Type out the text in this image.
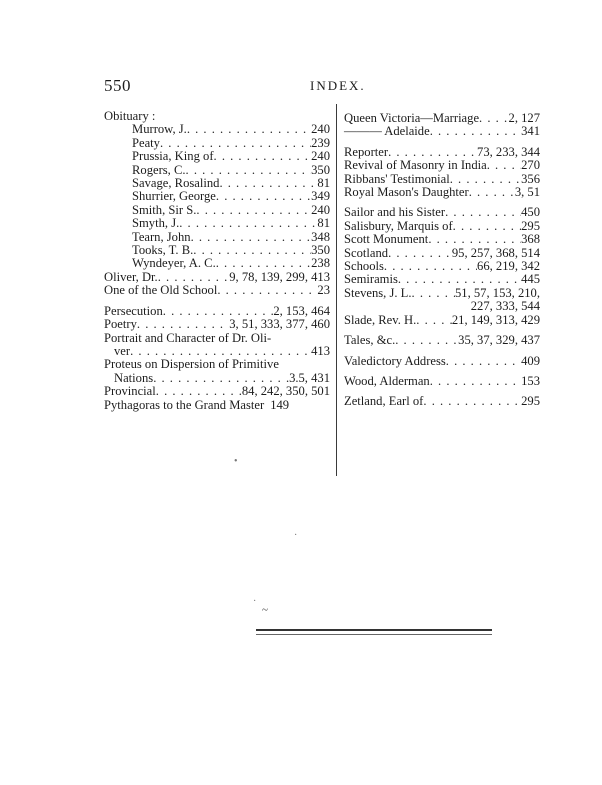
550	INDEX.
Obituary :
Murrow, J. . . .	240
Peaty . . .	239
Prussia, King of . . .	240
Rogers, C. . . .	350
Savage, Rosalind . . .	81
Shurrier, George . . .	349
Smith, Sir S. . . .	240
Smyth, J. . . .	81
Tearn, John . . .	348
Tooks, T. B. . . .	350
Wyndeyer, A. C. . . .	238
Oliver, Dr. . . .	9, 78, 139, 299, 413
One of the Old School . . .	23
Persecution . . .	2, 153, 464
Poetry . . .	3, 51, 333, 377, 460
Portrait and Character of Dr. Oli-
ver . . .	413
Proteus on Dispersion of Primitive
Nations . . .	3.5, 431
Provincial . . .	84, 242, 350, 501
Pythagoras to the Grand Master 149
Queen Victoria—Marriage . . . 2, 127
——— Adelaide . . .	341
Reporter . . .	73, 233, 344
Revival of Masonry in India . . .	270
Ribbans' Testimonial . . .	356
Royal Mason's Daughter . . .	3, 51
Sailor and his Sister . . .	450
Salisbury, Marquis of . . .	295
Scott Monument . . .	368
Scotland . . .	95, 257, 368, 514
Schools . . .	66, 219, 342
Semiramis . . .	445
Stevens, J. L. . . .	51, 57, 153, 210,
227, 333, 544
Slade, Rev. H. . . .	21, 149, 313, 429
Tales, &c. . . .	35, 37, 329, 437
Valedictory Address . . .	409
Wood, Alderman . . .	153
Zetland, Earl of . . .	295
•
·
·
~
